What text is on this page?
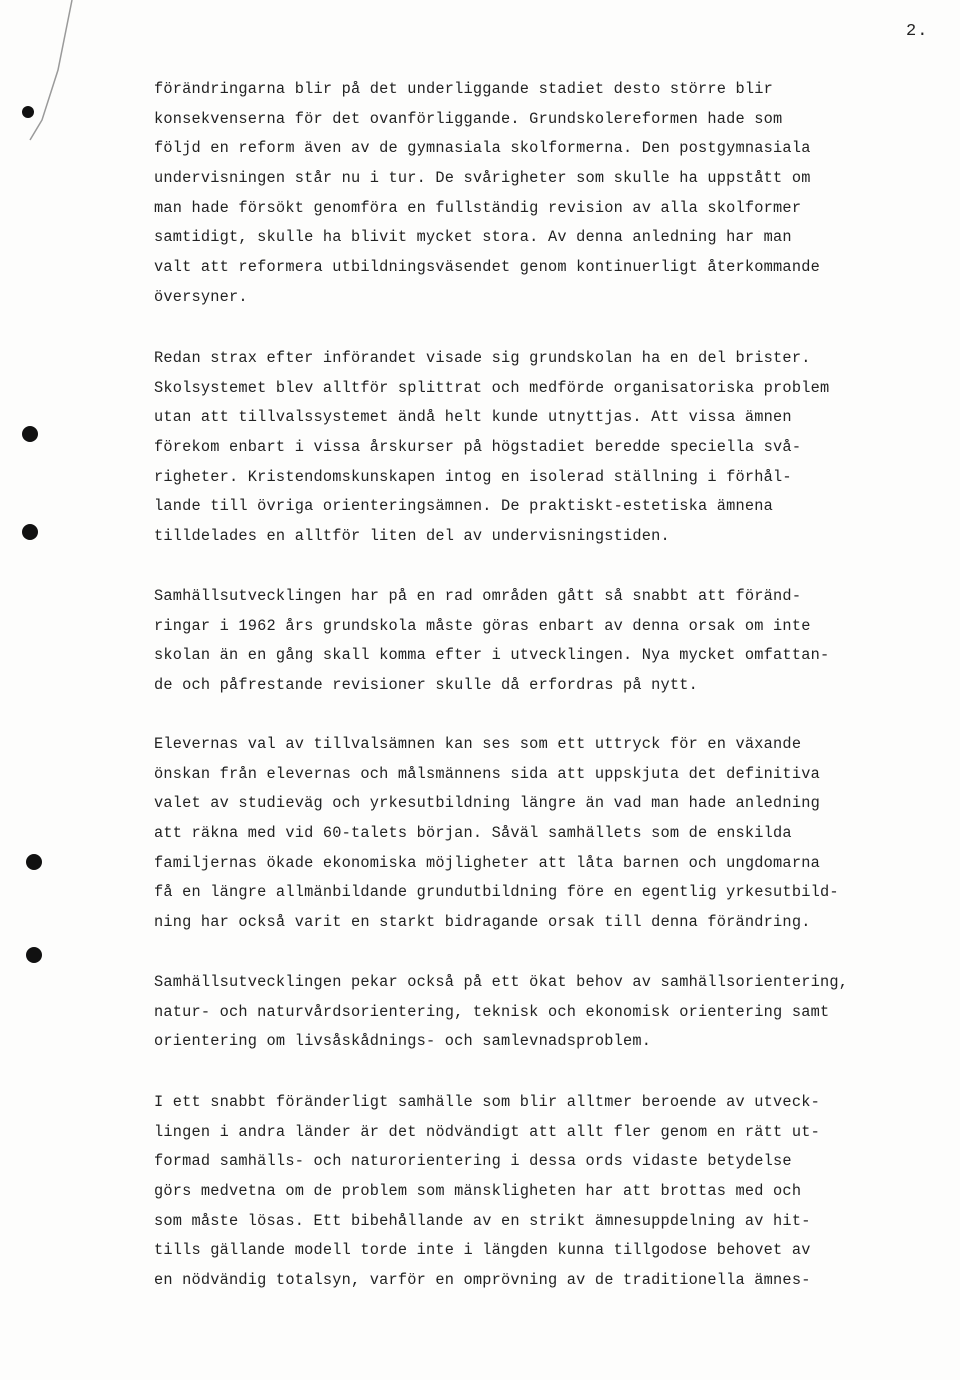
2.
förändringarna blir på det underliggande stadiet desto större blir
konsekvenserna för det ovanförliggande. Grundskolereformen hade som
följd en reform även av de gymnasiala skolformerna. Den postgymnasiala
undervisningen står nu i tur. De svårigheter som skulle ha uppstått om
man hade försökt genomföra en fullständig revision av alla skolformer
samtidigt, skulle ha blivit mycket stora. Av denna anledning har man
valt att reformera utbildningsväsendet genom kontinuerligt återkommande
översyner.
Redan strax efter införandet visade sig grundskolan ha en del brister.
Skolsystemet blev alltför splittrat och medförde organisatoriska problem
utan att tillvalssystemet ändå helt kunde utnyttjas. Att vissa ämnen
förekom enbart i vissa årskurser på högstadiet beredde speciella svå-
righeter. Kristendomskunskapen intog en isolerad ställning i förhål-
lande till övriga orienteringsämnen. De praktiskt-estetiska ämnena
tilldelades en alltför liten del av undervisningstiden.
Samhällsutvecklingen har på en rad områden gått så snabbt att föränd-
ringar i 1962 års grundskola måste göras enbart av denna orsak om inte
skolan än en gång skall komma efter i utvecklingen. Nya mycket omfattan-
de och påfrestande revisioner skulle då erfordras på nytt.
Elevernas val av tillvalsämnen kan ses som ett uttryck för en växande
önskan från elevernas och målsmännens sida att uppskjuta det definitiva
valet av studieväg och yrkesutbildning längre än vad man hade anledning
att räkna med vid 60-talets början. Såväl samhällets som de enskilda
familjernas ökade ekonomiska möjligheter att låta barnen och ungdomarna
få en längre allmänbildande grundutbildning före en egentlig yrkesutbild-
ning har också varit en starkt bidragande orsak till denna förändring.
Samhällsutvecklingen pekar också på ett ökat behov av samhällsorientering,
natur- och naturvårdsorientering, teknisk och ekonomisk orientering samt
orientering om livsåskådnings- och samlevnadsproblem.
I ett snabbt föränderligt samhälle som blir alltmer beroende av utveck-
lingen i andra länder är det nödvändigt att allt fler genom en rätt ut-
formad samhälls- och naturorientering i dessa ords vidaste betydelse
görs medvetna om de problem som mänskligheten har att brottas med och
som måste lösas. Ett bibehållande av en strikt ämnesuppdelning av hit-
tills gällande modell torde inte i längden kunna tillgodose behovet av
en nödvändig totalsyn, varför en omprövning av de traditionella ämnes-
